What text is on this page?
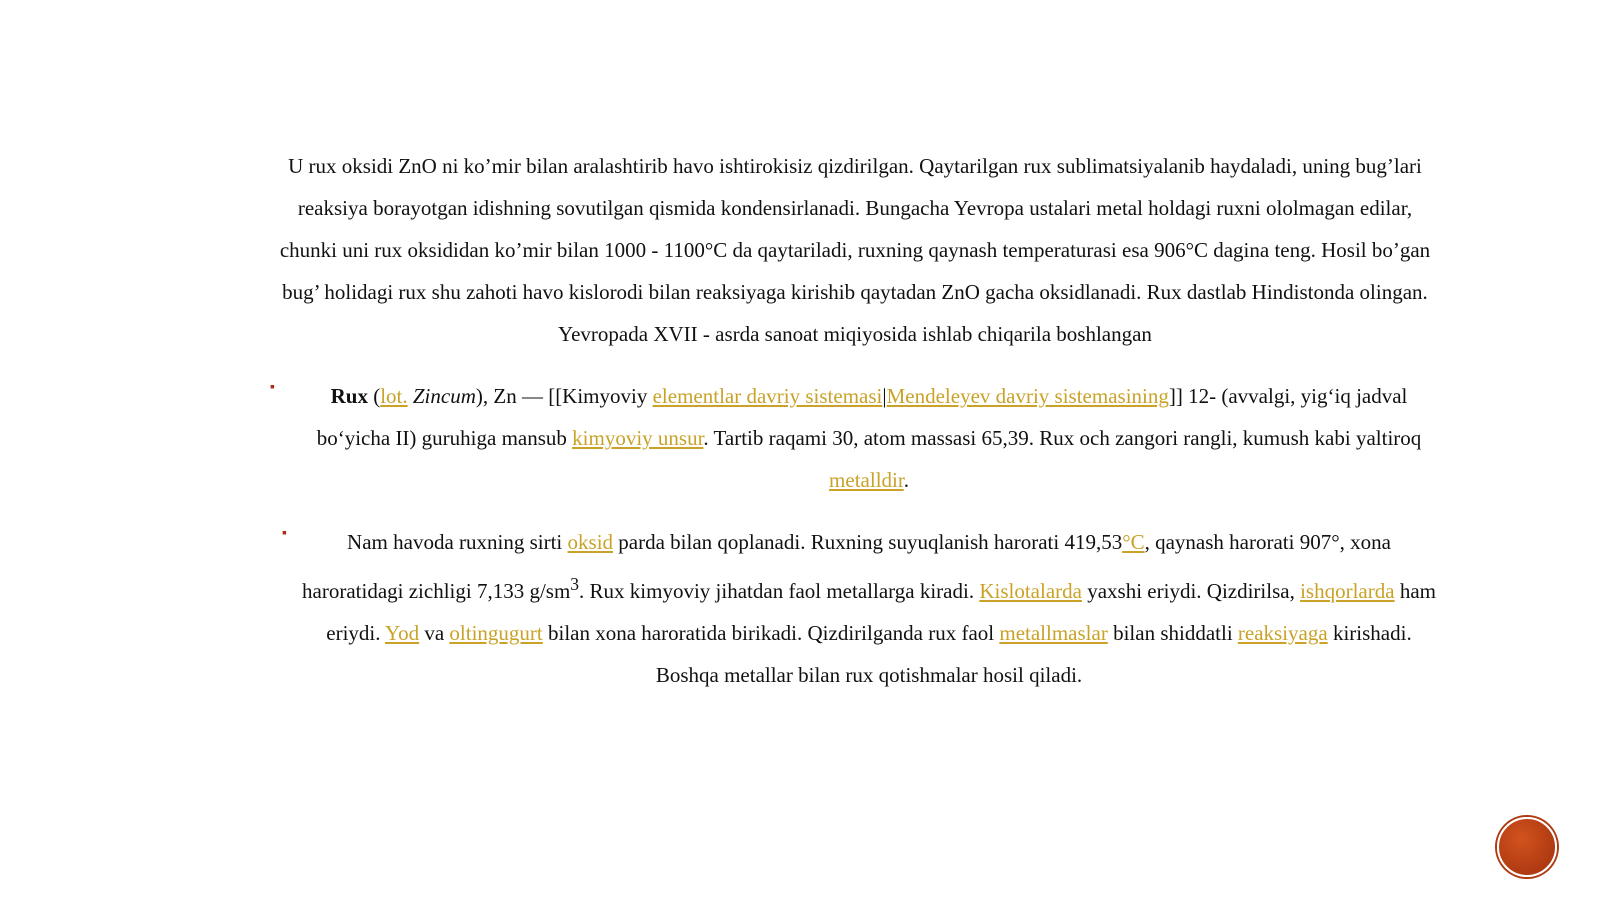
U rux oksidi ZnO ni ko’mir bilan aralashtirib havo ishtirokisiz qizdirilgan. Qaytarilgan rux sublimatsiyalanib haydaladi, uning bug’lari reaksiya borayotgan idishning sovutilgan qismida kondensirlanadi. Bungacha Yevropa ustalari metal holdagi ruxni ololmagan edilar, chunki uni rux oksididan ko’mir bilan 1000 - 1100°C da qaytariladi, ruxning qaynash temperaturasi esa 906°C dagina teng. Hosil bo’gan bug’ holidagi rux shu zahoti havo kislorodi bilan reaksiyaga kirishib qaytadan ZnO gacha oksidlanadi. Rux dastlab Hindistonda olingan. Yevropada XVII - asrda sanoat miqiyosida ishlab chiqarila boshlangan

▪	Rux (lot. Zincum), Zn — [[Kimyoviy elementlar davriy sistemasi|Mendeleyev davriy sistemasining]] 12- (avvalgi, yig‘iq jadval bo‘yicha II) guruhiga mansub kimyoviy unsur. Tartib raqami 30, atom massasi 65,39. Rux och zangori rangli, kumush kabi yaltiroq metalldir.

▪	Nam havoda ruxning sirti oksid parda bilan qoplanadi. Ruxning suyuqlanish harorati 419,53°C, qaynash harorati 907°, xona haroratidagi zichligi 7,133 $g/sm^3$. Rux kimyoviy jihatdan faol metallarga kiradi. Kislotalarda yaxshi eriydi. Qizdirilsa, ishqorlarda ham eriydi. Yod va oltingugurt bilan xona haroratida birikadi. Qizdirilganda rux faol metallmaslar bilan shiddatli reaksiyaga kirishadi. Boshqa metallar bilan rux qotishmalar hosil qiladi.
